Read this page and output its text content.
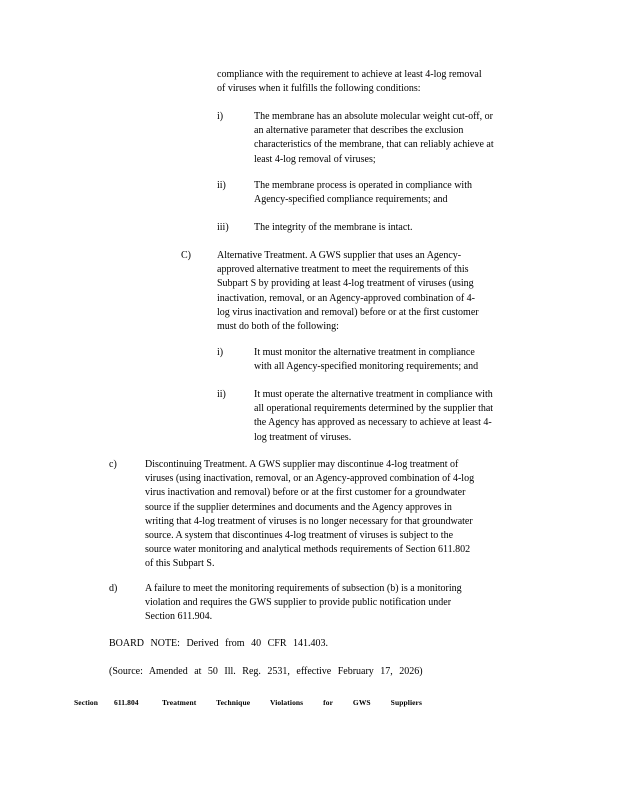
compliance with the requirement to achieve at least 4-log removal
of viruses when it fulfills the following conditions:

i)	The membrane has an absolute molecular weight cut-off, or
an alternative parameter that describes the exclusion
characteristics of the membrane, that can reliably achieve at
least 4-log removal of viruses;

ii)	The membrane process is operated in compliance with
Agency-specified compliance requirements; and

iii)	The integrity of the membrane is intact.

C)	Alternative Treatment. A GWS supplier that uses an Agency-
approved alternative treatment to meet the requirements of this
Subpart S by providing at least 4-log treatment of viruses (using
inactivation, removal, or an Agency-approved combination of 4-
log virus inactivation and removal) before or at the first customer
must do both of the following:

i)	It must monitor the alternative treatment in compliance
with all Agency-specified monitoring requirements; and

ii)	It must operate the alternative treatment in compliance with
all operational requirements determined by the supplier that
the Agency has approved as necessary to achieve at least 4-
log treatment of viruses.

c)	Discontinuing Treatment. A GWS supplier may discontinue 4-log treatment of
viruses (using inactivation, removal, or an Agency-approved combination of 4-log
virus inactivation and removal) before or at the first customer for a groundwater
source if the supplier determines and documents and the Agency approves in
writing that 4-log treatment of viruses is no longer necessary for that groundwater
source. A system that discontinues 4-log treatment of viruses is subject to the
source water monitoring and analytical methods requirements of Section 611.802
of this Subpart S.

d)	A failure to meet the monitoring requirements of subsection (b) is a monitoring
violation and requires the GWS supplier to provide public notification under
Section 611.904.

BOARD NOTE: Derived from 40 CFR 141.403.
(Source: Amended at 50 Ill. Reg. 2531, effective February 17, 2026)
Section 611.804	Treatment Technique Violations for GWS Suppliers
